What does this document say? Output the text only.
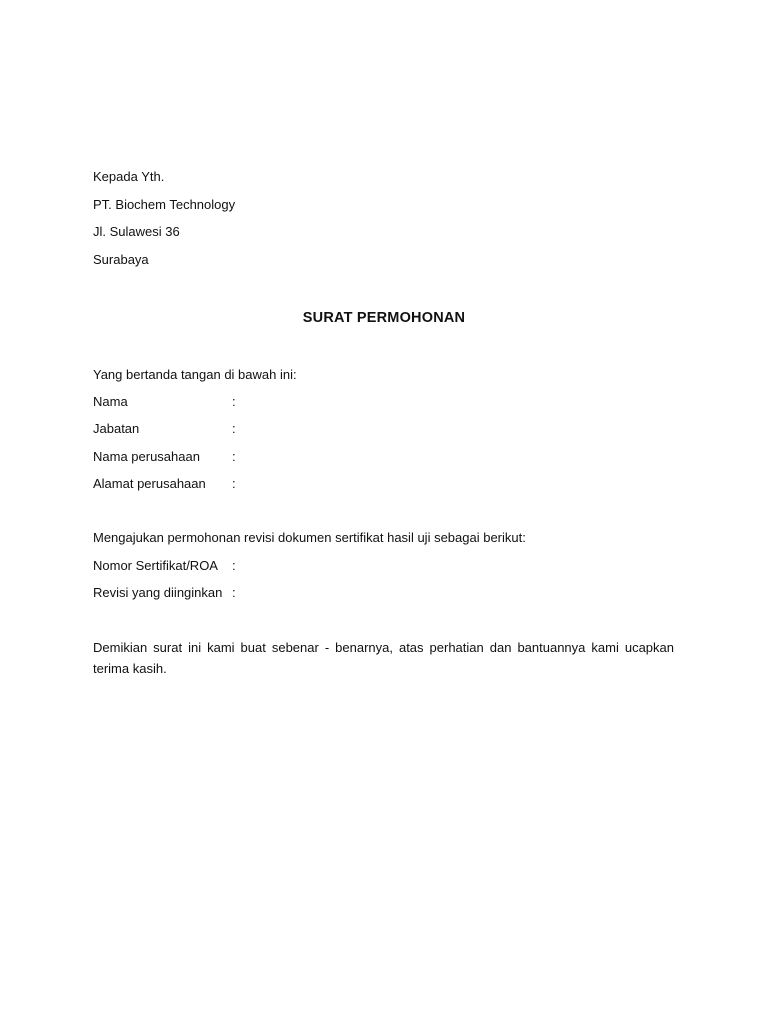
Kepada Yth.
PT. Biochem Technology
Jl. Sulawesi 36
Surabaya
SURAT PERMOHONAN
Yang bertanda tangan di bawah ini:
Nama	:
Jabatan	:
Nama perusahaan :
Alamat perusahaan :
Mengajukan permohonan revisi dokumen sertifikat hasil uji sebagai berikut:
Nomor Sertifikat/ROA :
Revisi yang diinginkan :
Demikian surat ini kami buat sebenar - benarnya, atas perhatian dan bantuannya kami ucapkan terima kasih.
